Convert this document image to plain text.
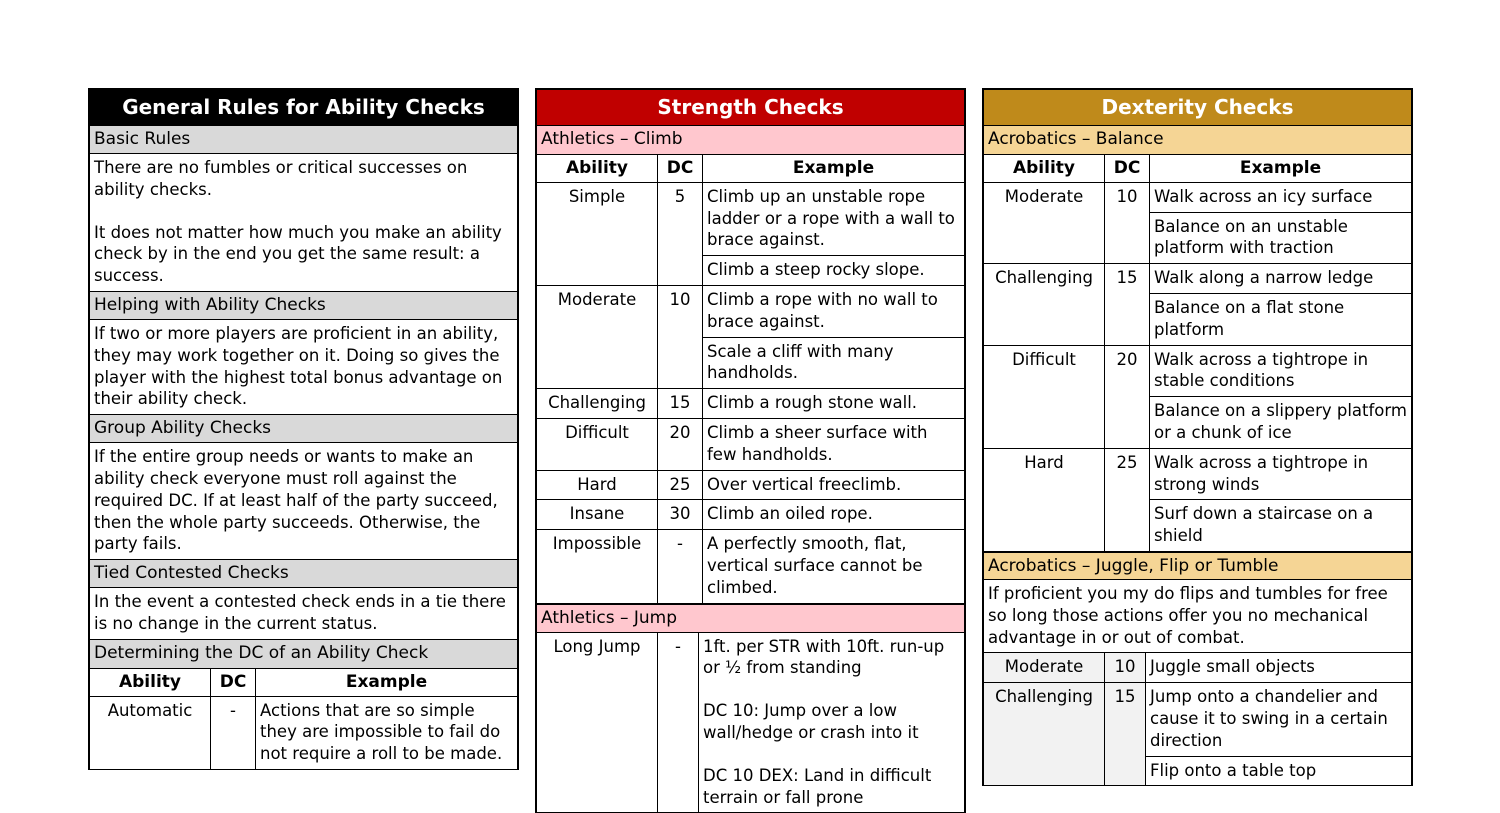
General Rules for Ability Checks
Basic Rules

There are no fumbles or critical successes on ability checks.

It does not matter how much you make an ability check by in the end you get the same result: a success.

Helping with Ability Checks
If two or more players are proficient in an ability, they may work together on it. Doing so gives the player with the highest total bonus advantage on their ability check.
Group Ability Checks
If the entire group needs or wants to make an ability check everyone must roll against the required DC. If at least half of the party succeed, then the whole party succeeds. Otherwise, the party fails.
Tied Contested Checks
In the event a contested check ends in a tie there is no change in the current status.
Determining the DC of an Ability Check
Ability	DC	Example
Automatic	-	Actions that are so simple they are impossible to fail do not require a roll to be made.
Strength Checks
Athletics – Climb
Ability	DC	Example
Simple	5	Climb up an unstable rope ladder or a rope with a wall to brace against.
		Climb a steep rocky slope.
Moderate	10	Climb a rope with no wall to brace against.
		Scale a cliff with many handholds.
Challenging	15	Climb a rough stone wall.
Difficult	20	Climb a sheer surface with few handholds.
Hard	25	Over vertical freeclimb.
Insane	30	Climb an oiled rope.
Impossible	-	A perfectly smooth, flat, vertical surface cannot be climbed.
Athletics – Jump
Long Jump	-	1ft. per STR with 10ft. run-up or ½ from standing

DC 10: Jump over a low wall/hedge or crash into it

DC 10 DEX: Land in difficult terrain or fall prone

Dexterity Checks
Acrobatics – Balance
Ability	DC	Example
Moderate	10	Walk across an icy surface
		Balance on an unstable platform with traction
Challenging	15	Walk along a narrow ledge
		Balance on a flat stone platform
Difficult	20	Walk across a tightrope in stable conditions
		Balance on a slippery platform or a chunk of ice
Hard	25	Walk across a tightrope in strong winds
		Surf down a staircase on a shield
Acrobatics – Juggle, Flip or Tumble
If proficient you my do flips and tumbles for free so long those actions offer you no mechanical advantage in or out of combat.
Moderate	10	Juggle small objects
Challenging	15	Jump onto a chandelier and cause it to swing in a certain direction
		Flip onto a table top
